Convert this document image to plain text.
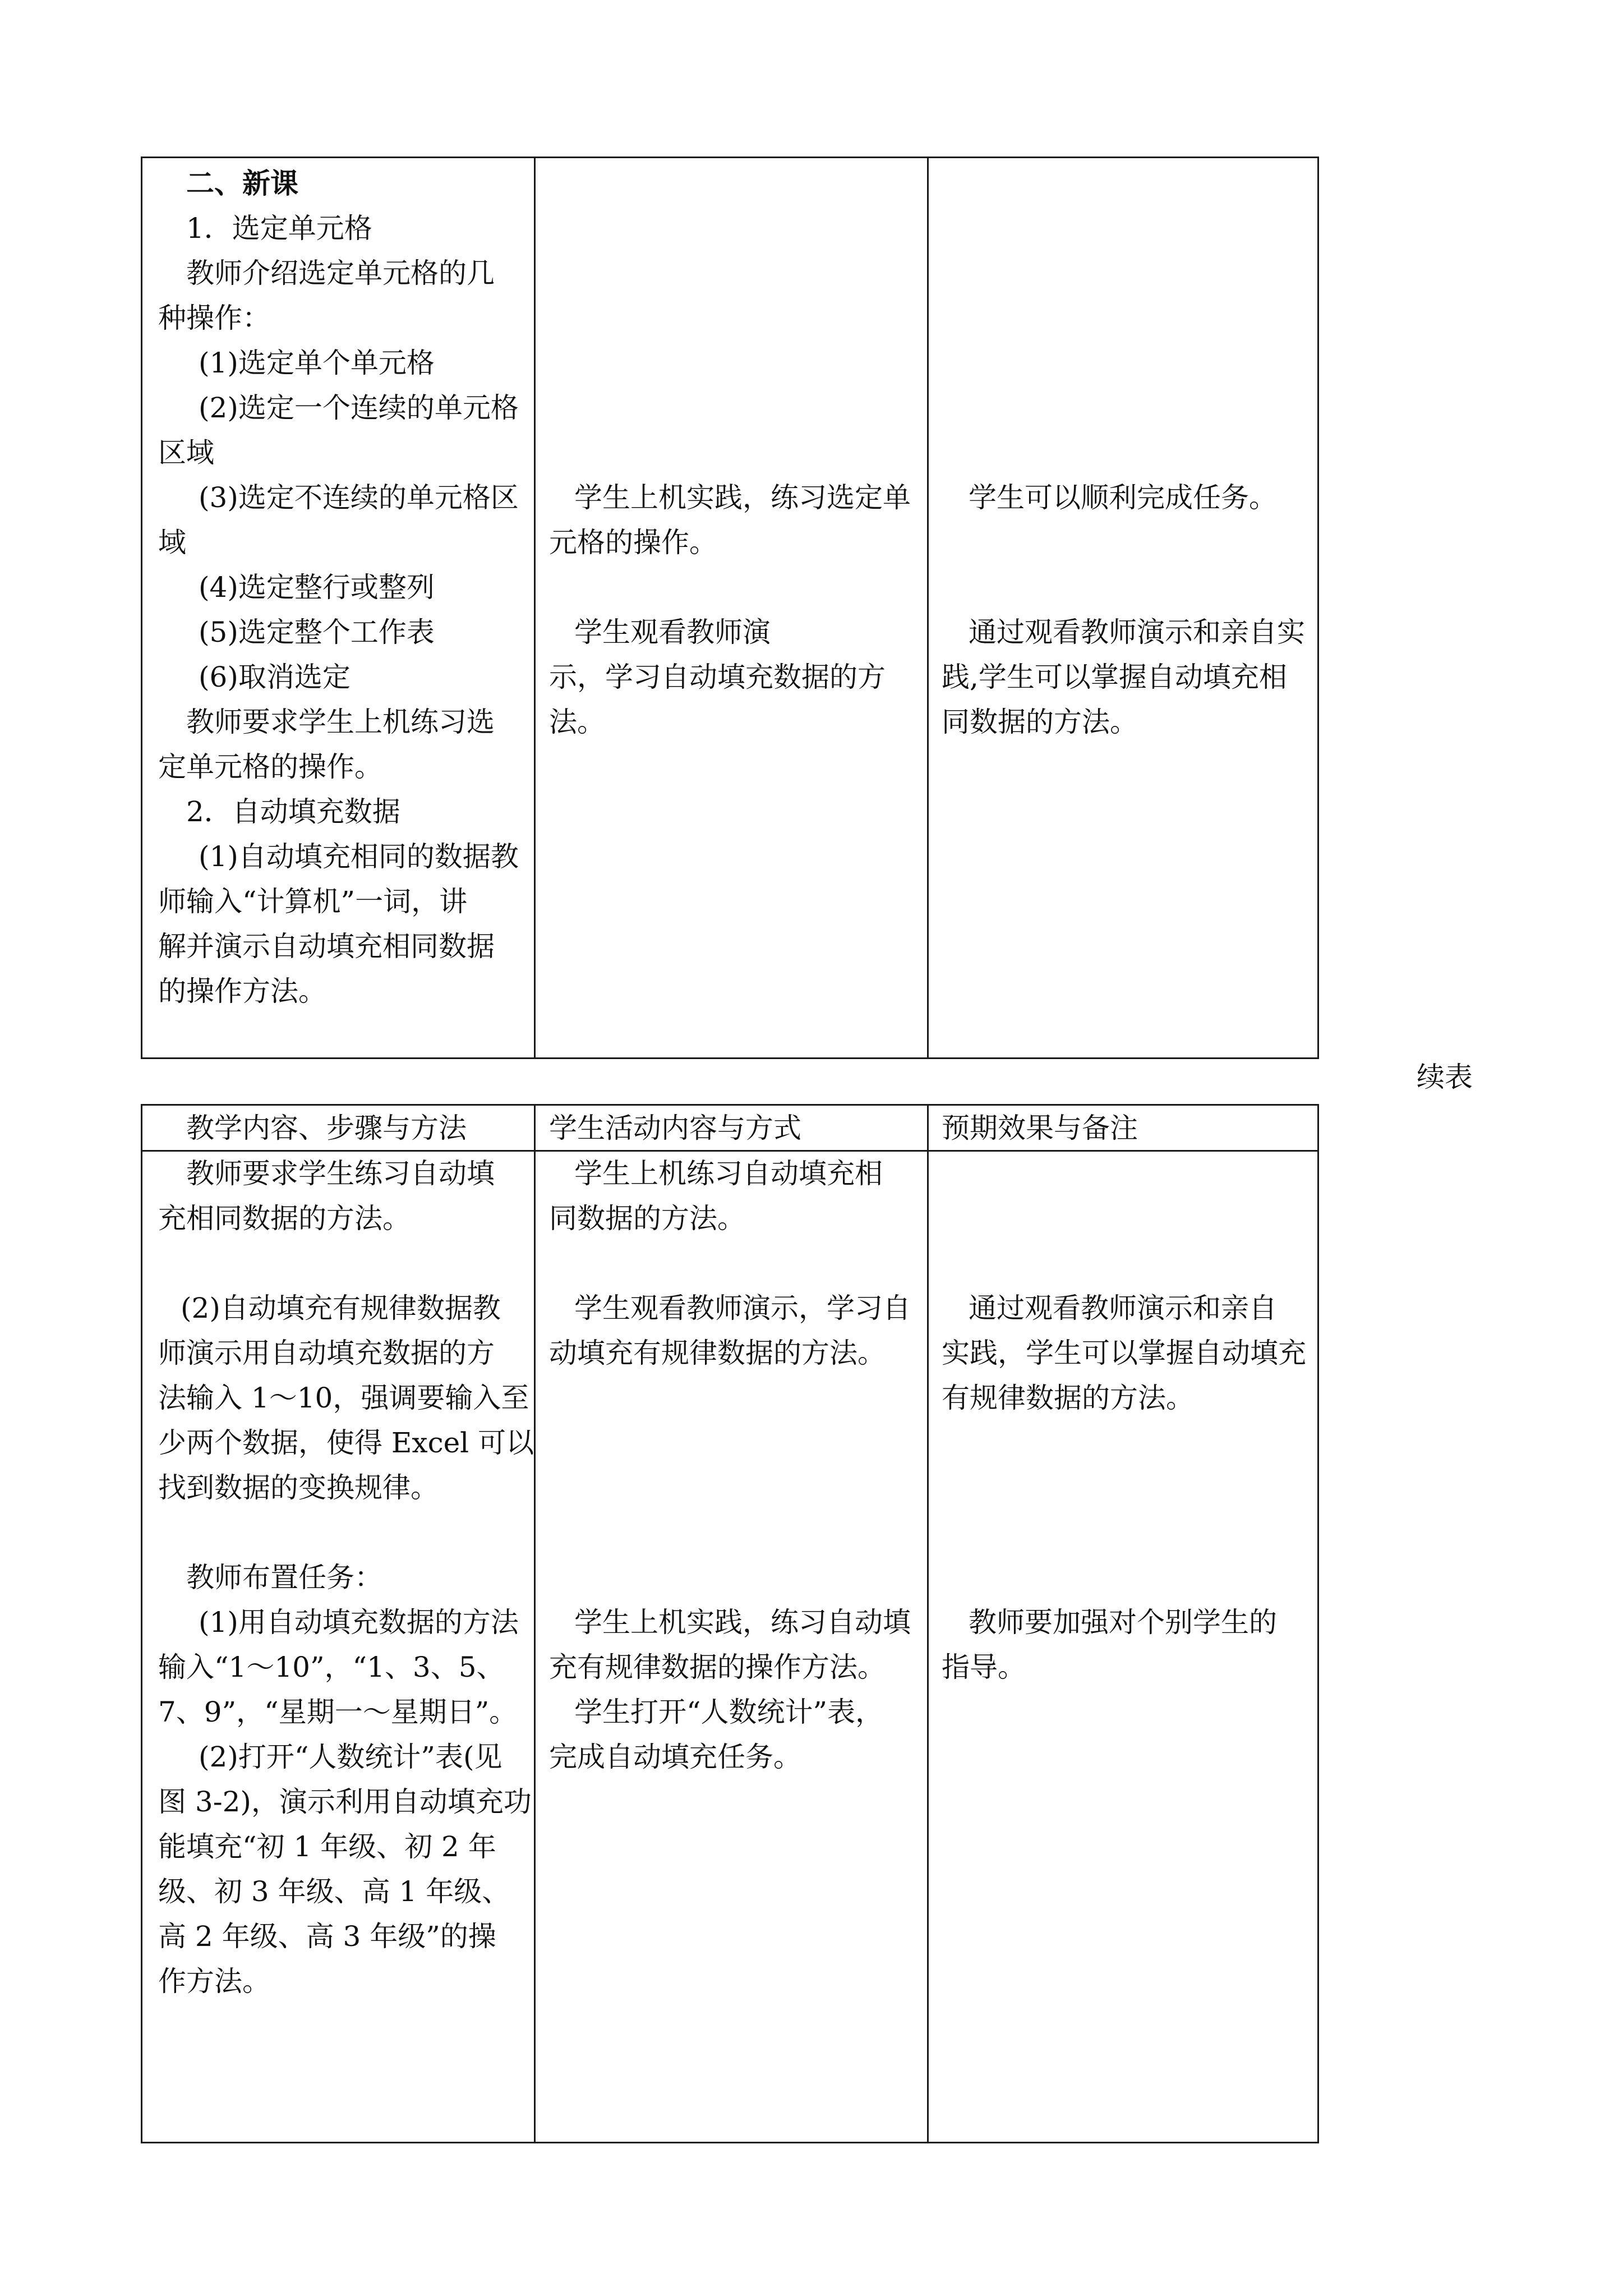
二、新课
1．选定单元格
教师介绍选定单元格的几
种操作：
(1)选定单个单元格
(2)选定一个连续的单元格
区域
(3)选定不连续的单元格区
域
(4)选定整行或整列
(5)选定整个工作表
(6)取消选定
教师要求学生上机练习选
定单元格的操作。
2．自动填充数据
(1)自动填充相同的数据教
师输入“计算机”一词，讲
解并演示自动填充相同数据
的操作方法。
学生上机实践，练习选定单
元格的操作。
学生观看教师演
示，学习自动填充数据的方
法。
学生可以顺利完成任务。
通过观看教师演示和亲自实
践,学生可以掌握自动填充相
同数据的方法。
续表
教学内容、步骤与方法	学生活动内容与方式	预期效果与备注
教师要求学生练习自动填
充相同数据的方法。
(2)自动填充有规律数据教
师演示用自动填充数据的方
法输入 1～10，强调要输入至
少两个数据，使得 Excel 可以
找到数据的变换规律。
教师布置任务：
(1)用自动填充数据的方法
输入“1～10”，“1、3、5、
7、9”，“星期一～星期日”。
(2)打开“人数统计”表(见
图 3-2)，演示利用自动填充功
能填充“初 1 年级、初 2 年
级、初 3 年级、高 1 年级、
高 2 年级、高 3 年级”的操
作方法。
学生上机练习自动填充相
同数据的方法。
学生观看教师演示，学习自
动填充有规律数据的方法。
学生上机实践，练习自动填
充有规律数据的操作方法。
学生打开“人数统计”表，
完成自动填充任务。
通过观看教师演示和亲自
实践，学生可以掌握自动填充
有规律数据的方法。
教师要加强对个别学生的
指导。
